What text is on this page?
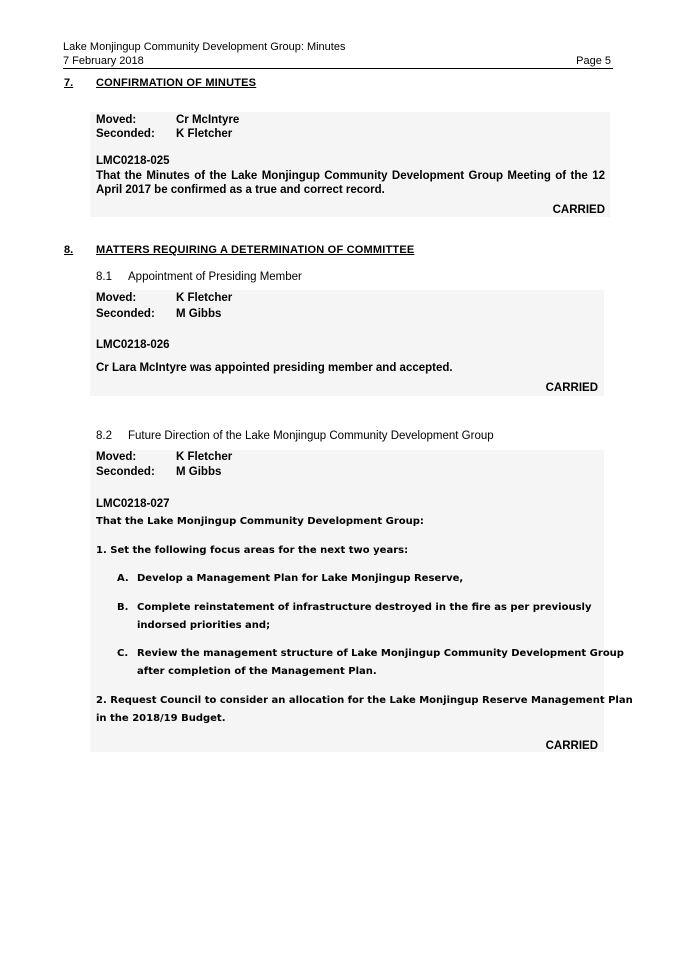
Lake Monjingup Community Development Group: Minutes
7 February 2018	Page 5
7. CONFIRMATION OF MINUTES
Moved:	Cr McIntyre
Seconded: K Fletcher
LMC0218-025
That the Minutes of the Lake Monjingup Community Development Group Meeting of the 12 April 2017 be confirmed as a true and correct record.
CARRIED
8. MATTERS REQUIRING A DETERMINATION OF COMMITTEE
8.1 Appointment of Presiding Member
Moved:	K Fletcher
Seconded: M Gibbs
LMC0218-026
Cr Lara McIntyre was appointed presiding member and accepted.
CARRIED
8.2 Future Direction of the Lake Monjingup Community Development Group
Moved:	K Fletcher
Seconded: M Gibbs
LMC0218-027
That the Lake Monjingup Community Development Group:
1. Set the following focus areas for the next two years:
A. Develop a Management Plan for Lake Monjingup Reserve,
B. Complete reinstatement of infrastructure destroyed in the fire as per previously
indorsed priorities and;
C. Review the management structure of Lake Monjingup Community Development Group
after completion of the Management Plan.
2. Request Council to consider an allocation for the Lake Monjingup Reserve Management Plan
in the 2018/19 Budget.
CARRIED
